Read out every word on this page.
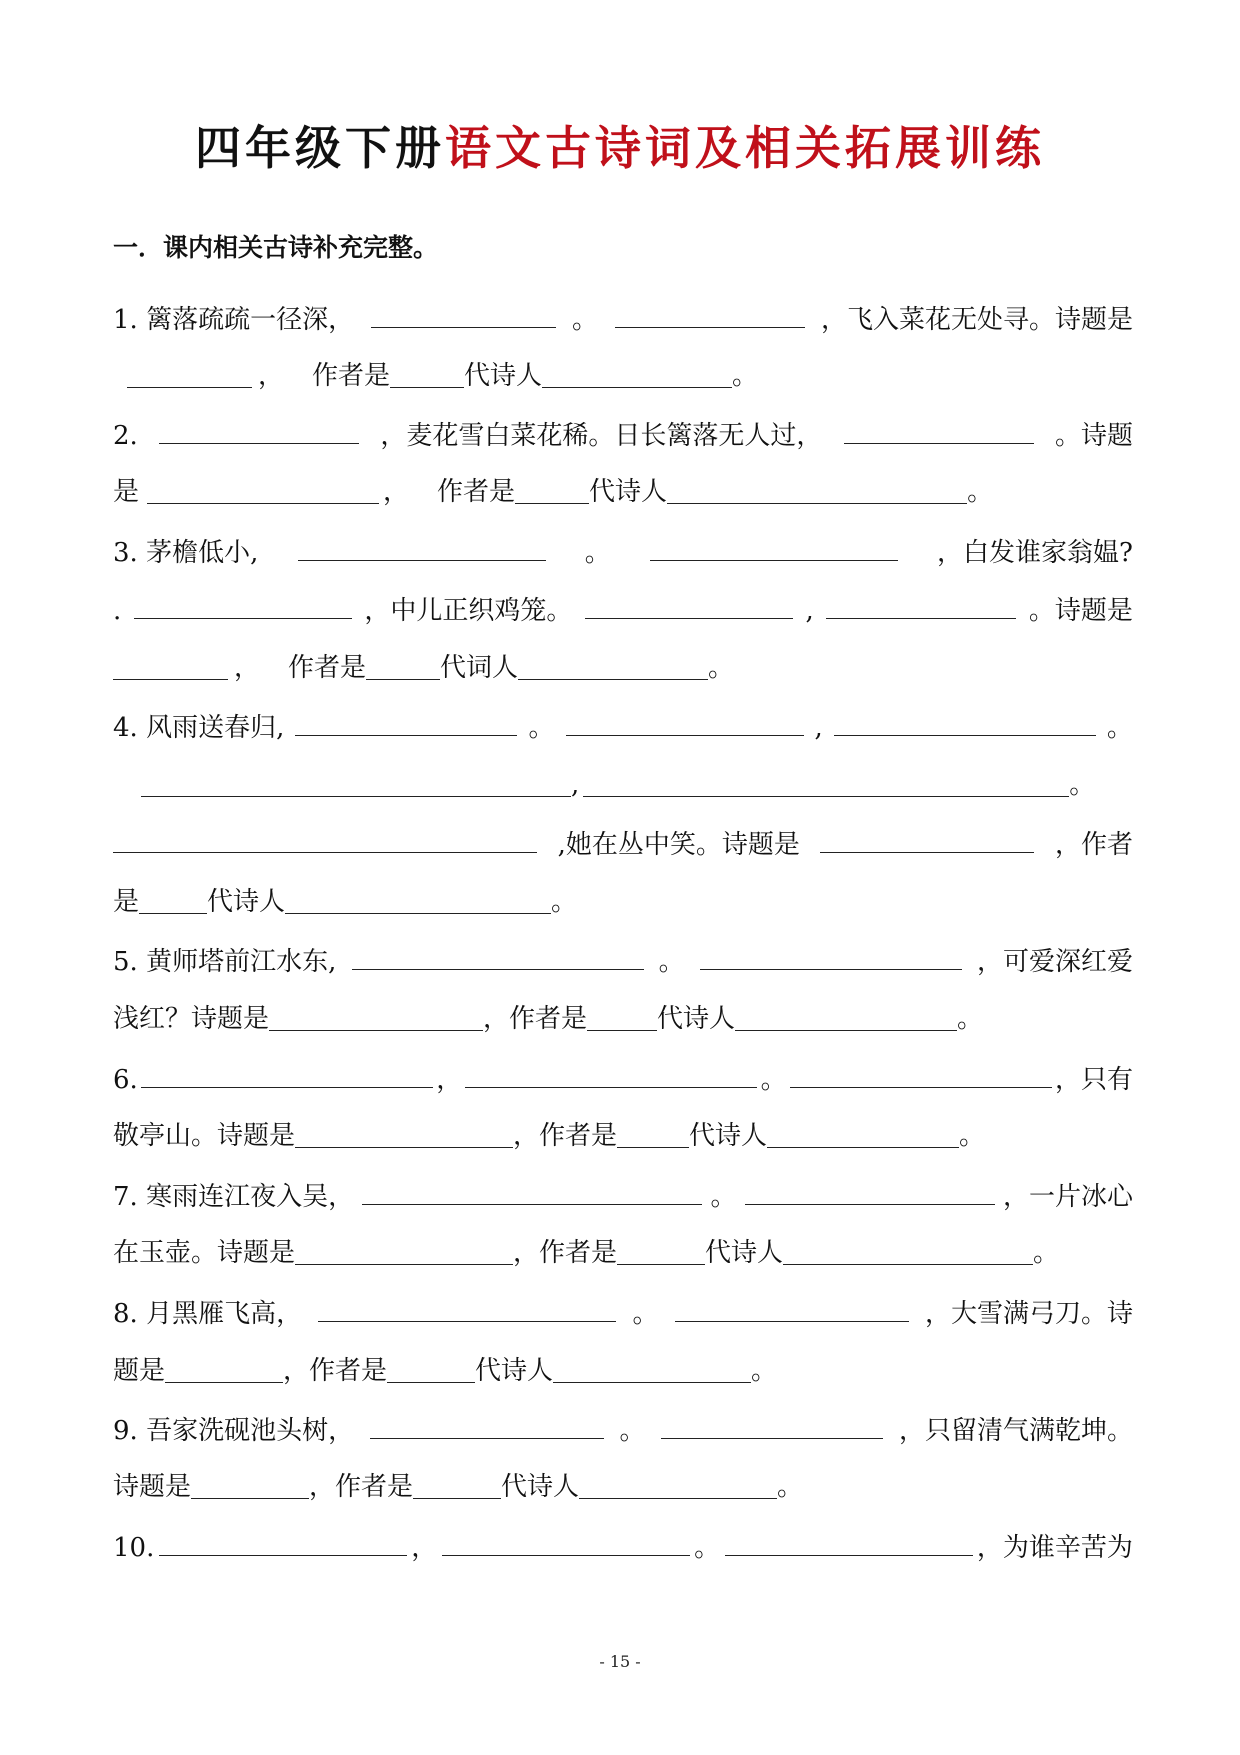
四年级下册语文古诗词及相关拓展训练
一．课内相关古诗补充完整。
1. 篱落疏疏一径深，	。	，飞入菜花无处寻。诗题是
， 作者是	代诗人	。
2.	，麦花雪白菜花稀。日长篱落无人过，	。诗题
是	， 作者是	代诗人	。
3. 茅檐低小,	。	，白发谁家翁媪?
.	，中儿正织鸡笼。	,	。诗题是
， 作者是	代词人	。
4. 风雨送春归,	。	,	。
,	。
,她在丛中笑。诗题是	，作者
是	代诗人	。
5. 黄师塔前江水东,	。	，可爱深红爱
浅红？诗题是	，作者是	代诗人	。
6.	，	。	，只有
敬亭山。诗题是	，作者是	代诗人	。
7. 寒雨连江夜入吴，	。	，一片冰心
在玉壶。诗题是	，作者是	代诗人	。
8. 月黑雁飞高，	。	，大雪满弓刀。诗
题是	，作者是	代诗人	。
9. 吾家洗砚池头树，	。	，只留清气满乾坤。
诗题是	，作者是	代诗人	。
10.	，	。	，为谁辛苦为
- 15 -
